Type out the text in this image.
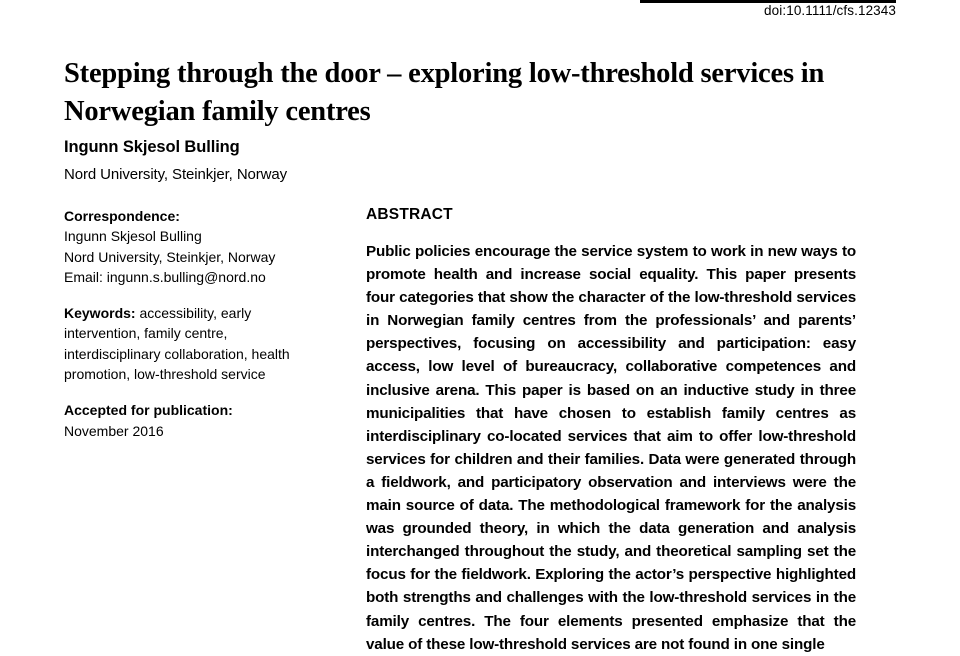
doi:10.1111/cfs.12343
Stepping through the door – exploring low-threshold services in Norwegian family centres
Ingunn Skjesol Bulling
Nord University, Steinkjer, Norway
Correspondence:
Ingunn Skjesol Bulling
Nord University, Steinkjer, Norway
Email: ingunn.s.bulling@nord.no
Keywords: accessibility, early intervention, family centre, interdisciplinary collaboration, health promotion, low-threshold service
Accepted for publication:
November 2016
ABSTRACT
Public policies encourage the service system to work in new ways to promote health and increase social equality. This paper presents four categories that show the character of the low-threshold services in Norwegian family centres from the professionals’ and parents’ perspectives, focusing on accessibility and participation: easy access, low level of bureaucracy, collaborative competences and inclusive arena. This paper is based on an inductive study in three municipalities that have chosen to establish family centres as interdisciplinary co-located services that aim to offer low-threshold services for children and their families. Data were generated through a fieldwork, and participatory observation and interviews were the main source of data. The methodological framework for the analysis was grounded theory, in which the data generation and analysis interchanged throughout the study, and theoretical sampling set the focus for the fieldwork. Exploring the actor’s perspective highlighted both strengths and challenges with the low-threshold services in the family centres. The four elements presented emphasize that the value of these low-threshold services are not found in one single
